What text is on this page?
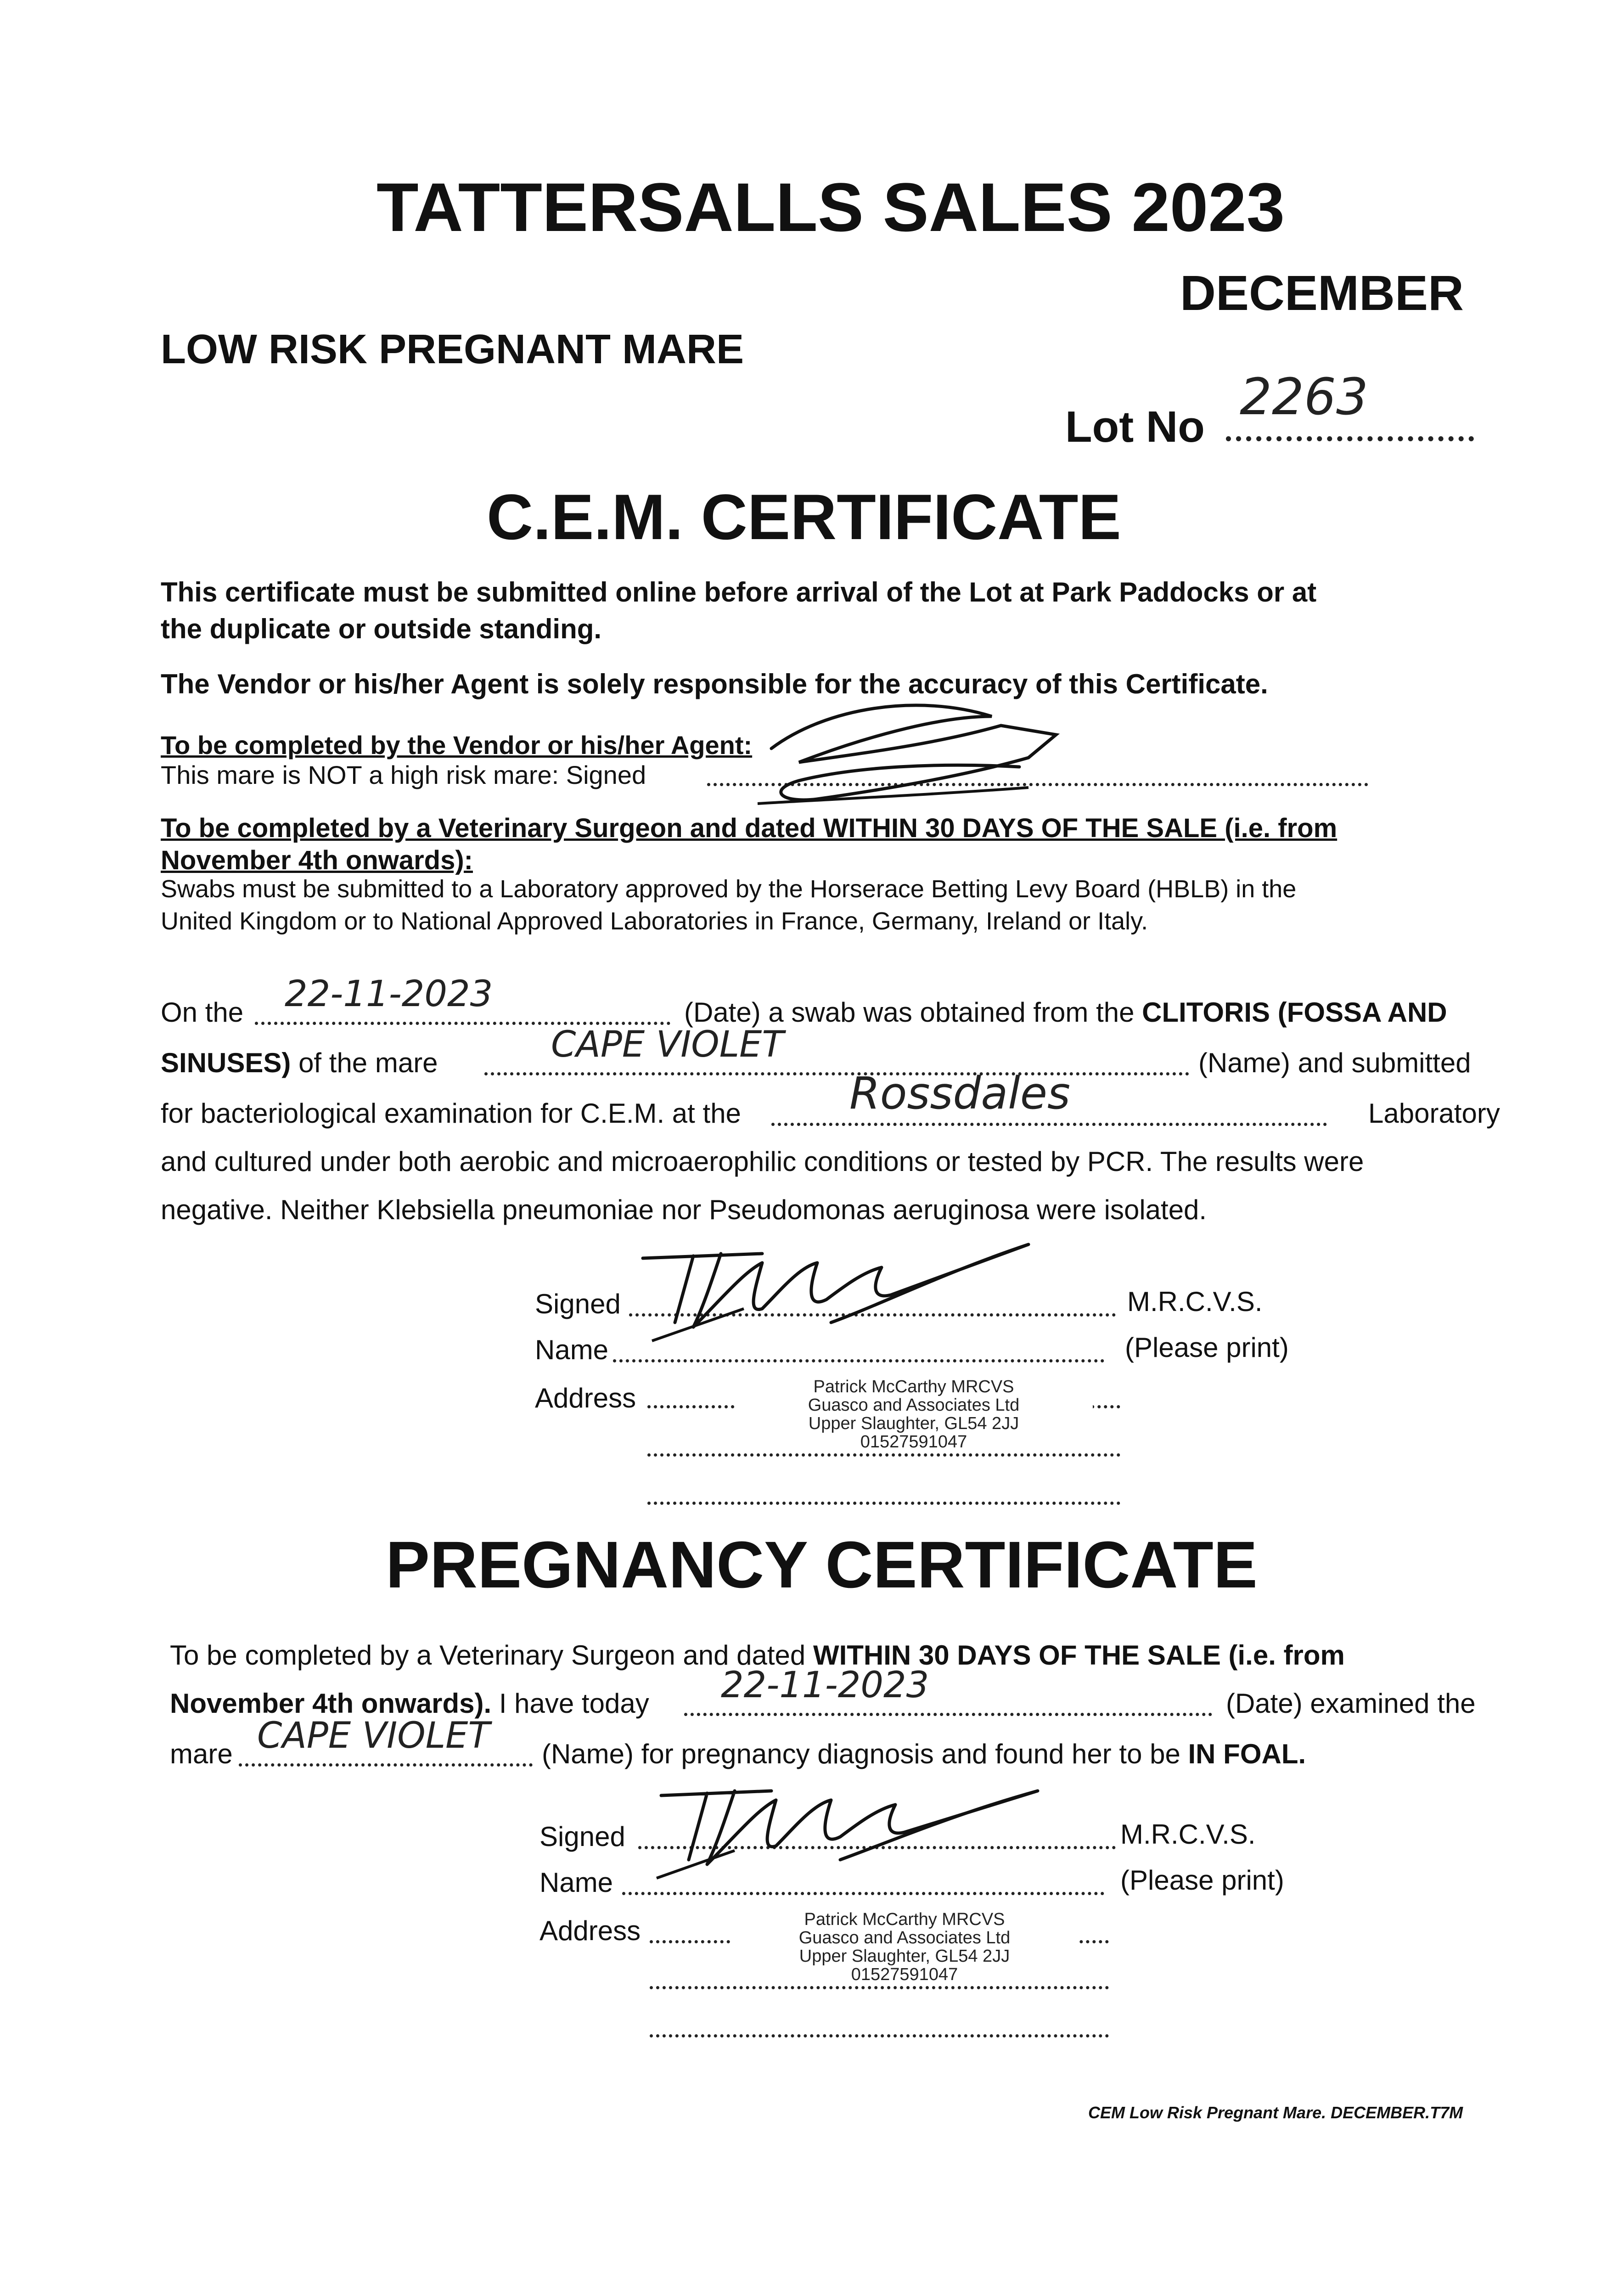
TATTERSALLS SALES 2023
DECEMBER
LOW RISK PREGNANT MARE
Lot No
2263
C.E.M. CERTIFICATE
This certificate must be submitted online before arrival of the Lot at Park Paddocks or at
the duplicate or outside standing.
The Vendor or his/her Agent is solely responsible for the accuracy of this Certificate.
To be completed by the Vendor or his/her Agent:
This mare is NOT a high risk mare: Signed
To be completed by a Veterinary Surgeon and dated WITHIN 30 DAYS OF THE SALE (i.e. from
November 4th onwards):
Swabs must be submitted to a Laboratory approved by the Horserace Betting Levy Board (HBLB) in the
United Kingdom or to National Approved Laboratories in France, Germany, Ireland or Italy.
On the 22-11-2023	(Date) a swab was obtained from the CLITORIS (FOSSA AND
SINUSES) of the mare	CAPE VIOLET	(Name) and submitted
for bacteriological examination for C.E.M. at the Rossdales	Laboratory
and cultured under both aerobic and microaerophilic conditions or tested by PCR. The results were
negative. Neither Klebsiella pneumoniae nor Pseudomonas aeruginosa were isolated.
Signed	M.R.C.V.S.
Name	(Please print)
Address	Patrick McCarthy MRCVS
Guasco and Associates Ltd
Upper Slaughter, GL54 2JJ
01527591047
PREGNANCY CERTIFICATE
To be completed by a Veterinary Surgeon and dated WITHIN 30 DAYS OF THE SALE (i.e. from
November 4th onwards). I have today 22-11-2023	(Date) examined the
mare CAPE VIOLET (Name) for pregnancy diagnosis and found her to be IN FOAL.
Signed	M.R.C.V.S.
Name	(Please print)
Address	Patrick McCarthy MRCVS
Guasco and Associates Ltd
Upper Slaughter, GL54 2JJ
01527591047
CEM Low Risk Pregnant Mare. DECEMBER.T7M
